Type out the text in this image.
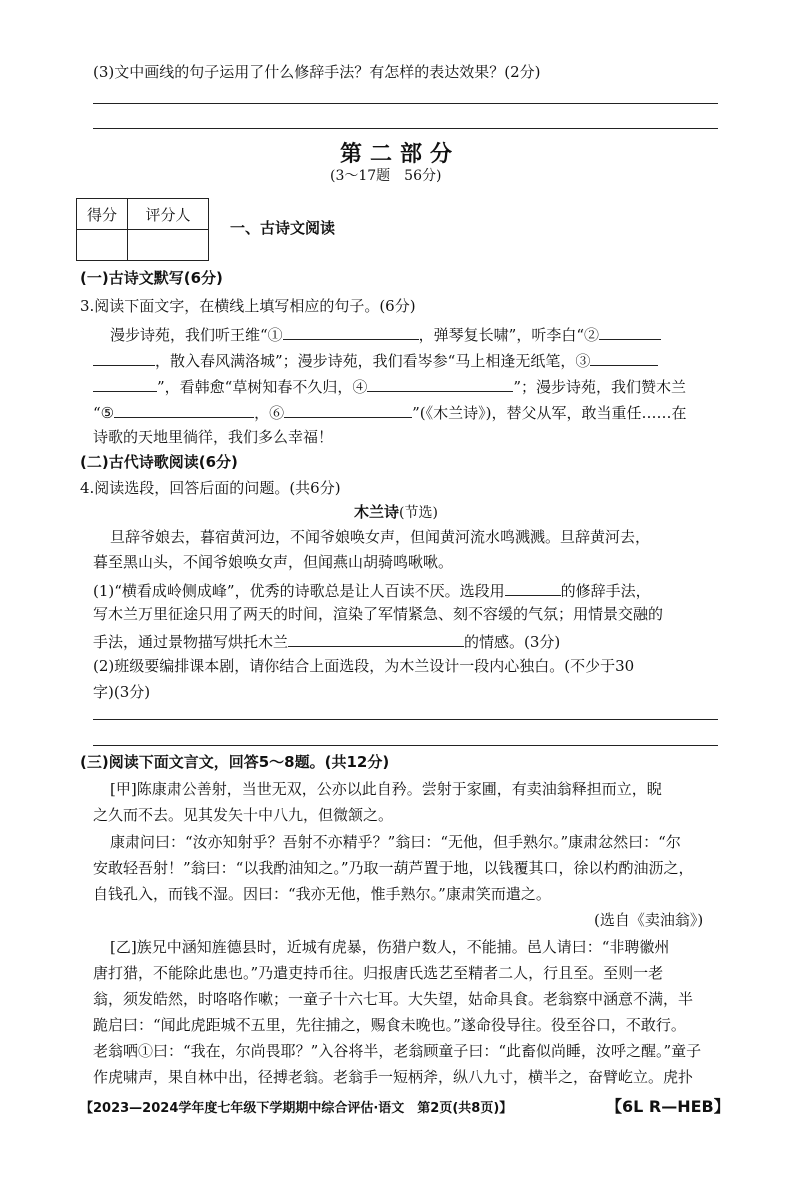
(3)文中画线的句子运用了什么修辞手法？有怎样的表达效果？(2分)
第二部分
(3～17题　56分)
得分	评分人

一、古诗文阅读
(一)古诗文默写(6分)
3.阅读下面文字，在横线上填写相应的句子。(6分)
漫步诗苑，我们听王维“①	，弹琴复长啸”，听李白“②
，散入春风满洛城”；漫步诗苑，我们看岑参“马上相逢无纸笔，③
”，看韩愈“草树知春不久归，④	”；漫步诗苑，我们赞木兰
“⑤	，⑥	”(《木兰诗》)，替父从军，敢当重任……在
诗歌的天地里徜徉，我们多么幸福！
(二)古代诗歌阅读(6分)
4.阅读选段，回答后面的问题。(共6分)
木兰诗(节选)
旦辞爷娘去，暮宿黄河边，不闻爷娘唤女声，但闻黄河流水鸣溅溅。旦辞黄河去，
暮至黑山头，不闻爷娘唤女声，但闻燕山胡骑鸣啾啾。
(1)“横看成岭侧成峰”，优秀的诗歌总是让人百读不厌。选段用	的修辞手法，
写木兰万里征途只用了两天的时间，渲染了军情紧急、刻不容缓的气氛；用情景交融的
手法，通过景物描写烘托木兰	的情感。(3分)
(2)班级要编排课本剧，请你结合上面选段，为木兰设计一段内心独白。(不少于30
字)(3分)
(三)阅读下面文言文，回答5～8题。(共12分)
[甲]陈康肃公善射，当世无双，公亦以此自矜。尝射于家圃，有卖油翁释担而立，睨
之久而不去。见其发矢十中八九，但微颔之。
康肃问曰：“汝亦知射乎？吾射不亦精乎？”翁曰：“无他，但手熟尔。”康肃忿然曰：“尔
安敢轻吾射！”翁曰：“以我酌油知之。”乃取一葫芦置于地，以钱覆其口，徐以杓酌油沥之，
自钱孔入，而钱不湿。因曰：“我亦无他，惟手熟尔。”康肃笑而遣之。
(选自《卖油翁》)
[乙]族兄中涵知旌德县时，近城有虎暴，伤猎户数人，不能捕。邑人请曰：“非聘徽州
唐打猎，不能除此患也。”乃遣吏持币往。归报唐氏选艺至精者二人，行且至。至则一老
翁，须发皓然，时咯咯作嗽；一童子十六七耳。大失望，姑命具食。老翁察中涵意不满，半
跪启曰：“闻此虎距城不五里，先往捕之，赐食未晚也。”遂命役导往。役至谷口，不敢行。
老翁哂①曰：“我在，尔尚畏耶？”入谷将半，老翁顾童子曰：“此畜似尚睡，汝呼之醒。”童子
作虎啸声，果自林中出，径搏老翁。老翁手一短柄斧，纵八九寸，横半之，奋臂屹立。虎扑
【2023—2024学年度七年级下学期期中综合评估·语文　第2页(共8页)】	【6L R—HEB】
